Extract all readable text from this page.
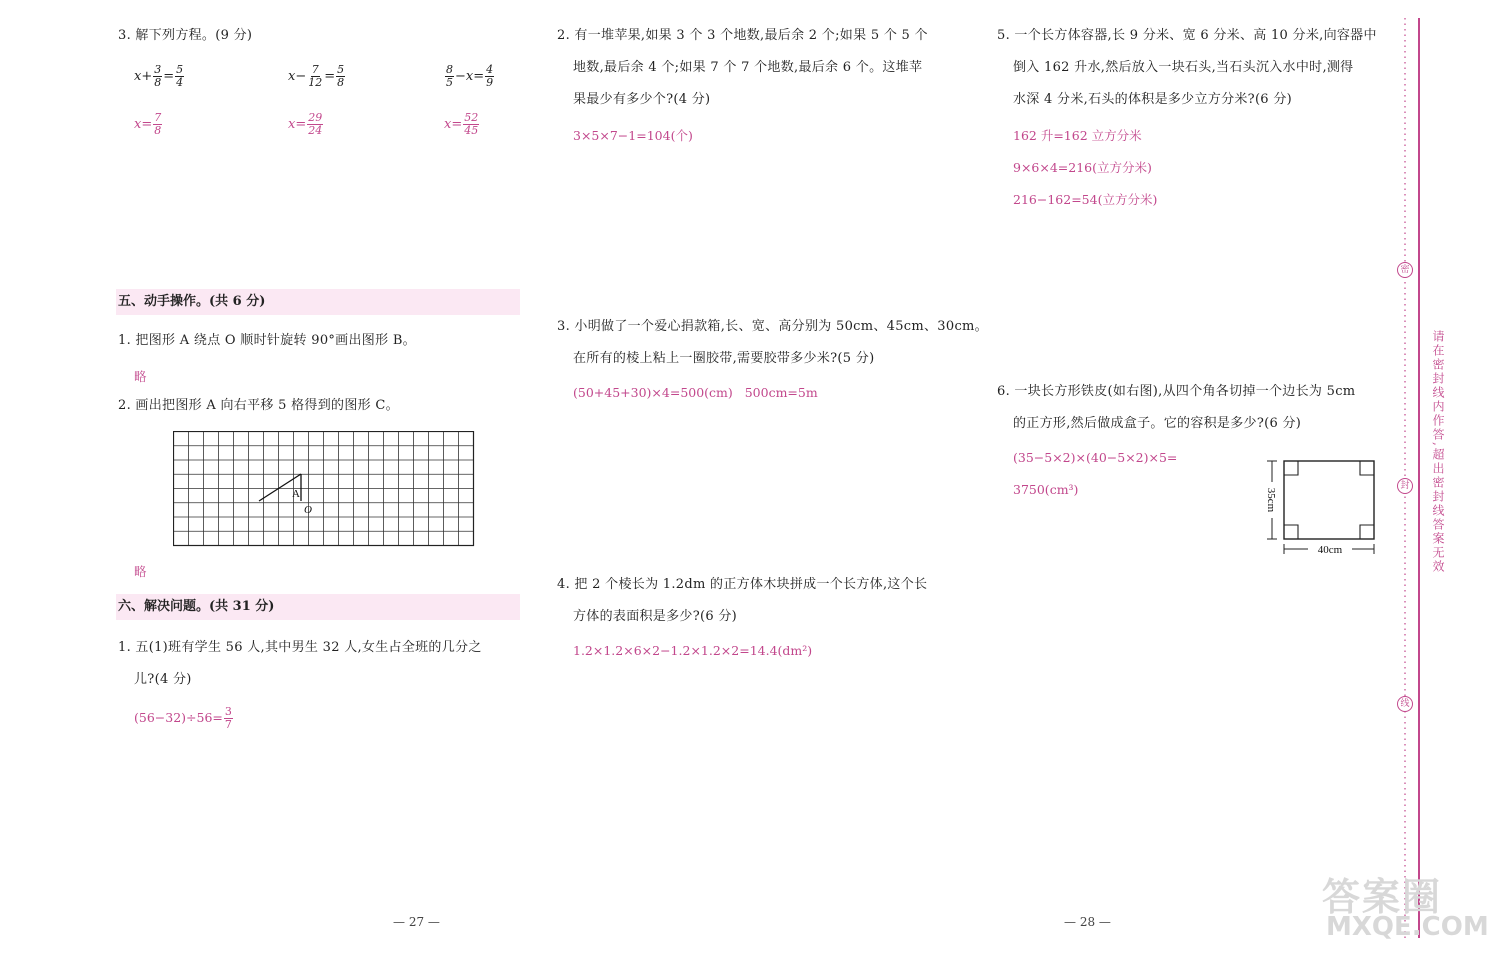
3. 解下列方程。(9 分)
$x+ \frac{3}{8} = \frac{5}{4}$	$x- \frac{7}{12} = \frac{5}{8}$	$\frac{8}{5} -x= \frac{4}{9}$
$x= \frac{7}{8}$	$x= \frac{29}{24}$	$x= \frac{52}{45}$
五、动手操作。(共 6 分)
1. 把图形 A 绕点 O 顺时针旋转 90°画出图形 B。
略
2. 画出把图形 A 向右平移 5 格得到的图形 C。
A
O
略
六、解决问题。(共 31 分)
1. 五(1)班有学生 56 人,其中男生 32 人,女生占全班的几分之
儿?(4 分)
$(56-32)\div 56= \frac{3}{7}$
— 27 —
2. 有一堆苹果,如果 3 个 3 个地数,最后余 2 个;如果 5 个 5 个
地数,最后余 4 个;如果 7 个 7 个地数,最后余 6 个。这堆苹
果最少有多少个?(4 分)
3×5×7−1=104(个)
3. 小明做了一个爱心捐款箱,长、宽、高分别为 50cm、45cm、30cm。
在所有的棱上粘上一圈胶带,需要胶带多少米?(5 分)
(50+45+30)×4=500(cm)   500cm=5m
4. 把 2 个棱长为 1.2dm 的正方体木块拼成一个长方体,这个长
方体的表面积是多少?(6 分)
1.2×1.2×6×2−1.2×1.2×2=14.4(dm²)
5. 一个长方体容器,长 9 分米、宽 6 分米、高 10 分米,向容器中
倒入 162 升水,然后放入一块石头,当石头沉入水中时,测得
水深 4 分米,石头的体积是多少立方分米?(6 分)
162 升=162 立方分米
9×6×4=216(立方分米)
216−162=54(立方分米)
6. 一块长方形铁皮(如右图),从四个角各切掉一个边长为 5cm
的正方形,然后做成盒子。它的容积是多少?(6 分)
(35−5×2)×(40−5×2)×5=
3750(cm³)
40cm
35cm
— 28 —
密
封
线
请在密封线内作答,超出密封线答案无效
答案圈
MXQE.COM
